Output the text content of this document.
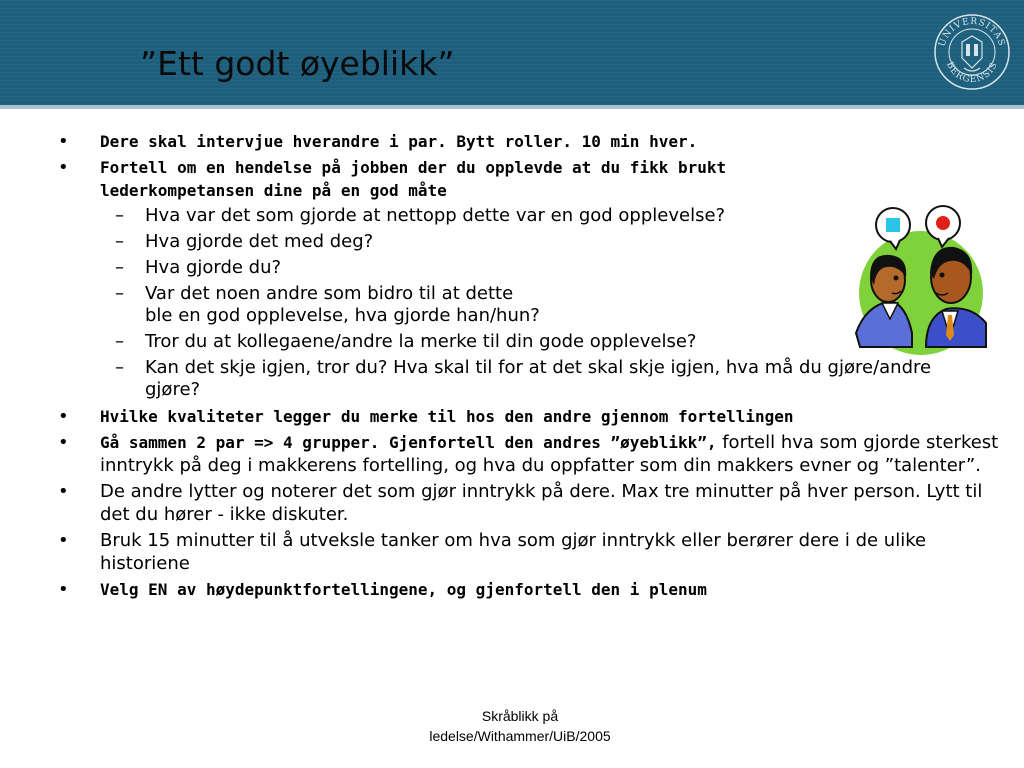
”Ett godt øyeblikk”
UNIVERSITAS
BERGENSIS
• Dere skal intervjue hverandre i par. Bytt roller. 10 min hver.
• Fortell om en hendelse på jobben der du opplevde at du fikk brukt lederkompetansen dine på en god måte
– Hva var det som gjorde at nettopp dette var en god opplevelse?
– Hva gjorde det med deg?
– Hva gjorde du?
– Var det noen andre som bidro til at dette
ble en god opplevelse, hva gjorde han/hun?
– Tror du at kollegaene/andre la merke til din gode opplevelse?
– Kan det skje igjen, tror du? Hva skal til for at det skal skje igjen, hva må du gjøre/andre gjøre?
• Hvilke kvaliteter legger du merke til hos den andre gjennom fortellingen
• Gå sammen 2 par => 4 grupper. Gjenfortell den andres ”øyeblikk”, fortell hva som gjorde sterkest inntrykk på deg i makkerens fortelling, og hva du oppfatter som din makkers evner og ”talenter”.
• De andre lytter og noterer det som gjør inntrykk på dere. Max tre minutter på hver person. Lytt til det du hører - ikke diskuter.
• Bruk 15 minutter til å utveksle tanker om hva som gjør inntrykk eller berører dere i de ulike historiene
• Velg EN av høydepunktfortellingene, og gjenfortell den i plenum
Skråblikk på
ledelse/Withammer/UiB/2005
